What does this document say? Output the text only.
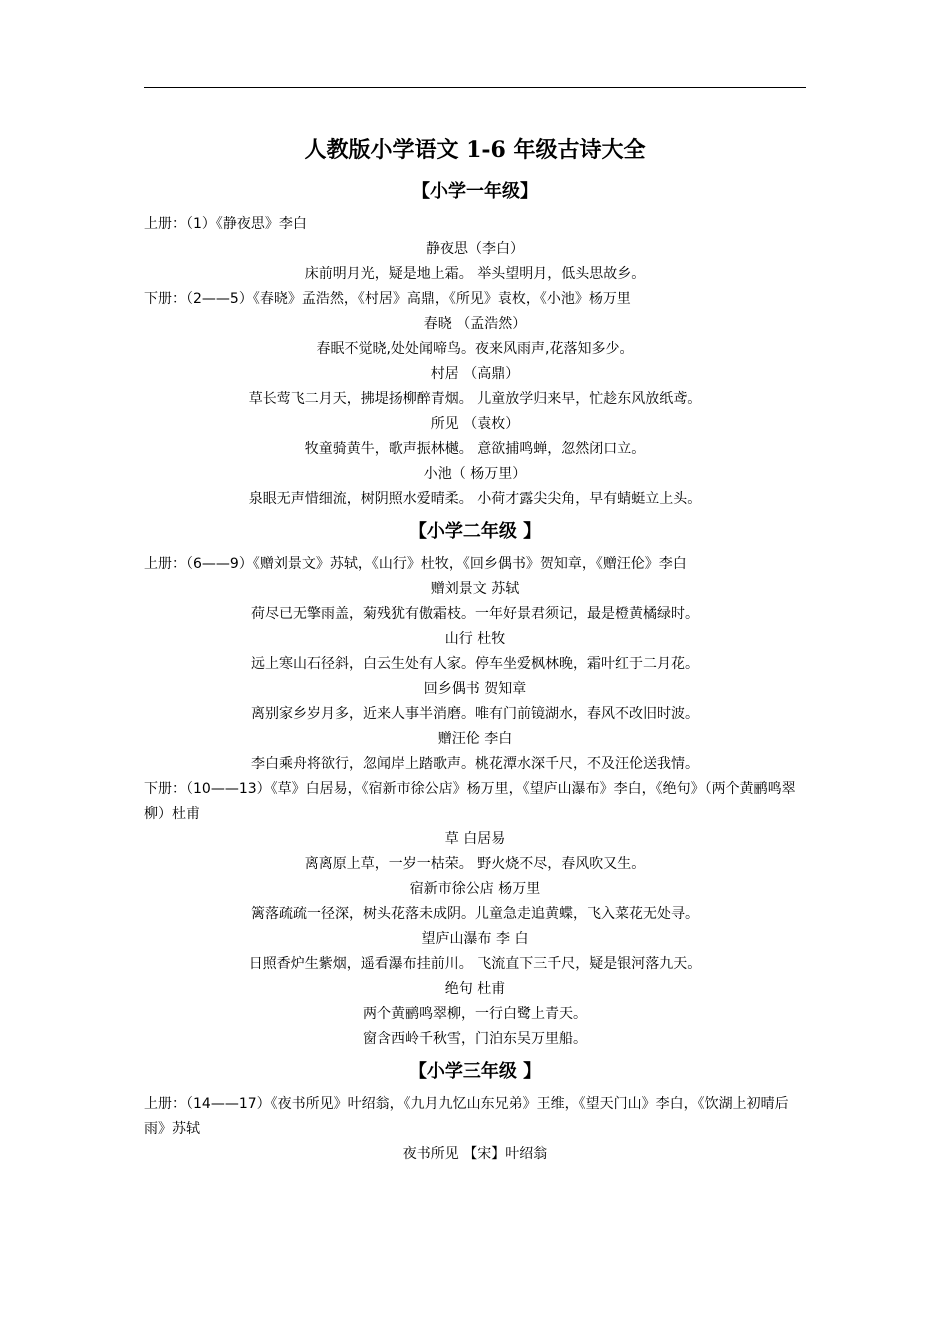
人教版小学语文 1-6 年级古诗大全
【小学一年级】
上册：（1）《静夜思》李白
静夜思（李白）
床前明月光，疑是地上霜。 举头望明月，低头思故乡。
下册：（2——5）《春晓》孟浩然，《村居》高鼎，《所见》袁枚，《小池》杨万里
春晓 （孟浩然）
春眠不觉晓,处处闻啼鸟。夜来风雨声,花落知多少。
村居 （高鼎）
草长莺飞二月天，拂堤扬柳醉青烟。 儿童放学归来早，忙趁东风放纸鸢。
所见 （袁枚）
牧童骑黄牛，歌声振林樾。 意欲捕鸣蝉，忽然闭口立。
小池（ 杨万里）
泉眼无声惜细流，树阴照水爱晴柔。 小荷才露尖尖角，早有蜻蜓立上头。
【小学二年级 】
上册：（6——9）《赠刘景文》苏轼，《山行》杜牧，《回乡偶书》贺知章，《赠汪伦》李白
赠刘景文 苏轼
荷尽已无擎雨盖，菊残犹有傲霜枝。一年好景君须记，最是橙黄橘绿时。
山行 杜牧
远上寒山石径斜，白云生处有人家。停车坐爱枫林晚，霜叶红于二月花。
回乡偶书 贺知章
离别家乡岁月多，近来人事半消磨。唯有门前镜湖水，春风不改旧时波。
赠汪伦 李白
李白乘舟将欲行，忽闻岸上踏歌声。桃花潭水深千尺，不及汪伦送我情。
下册：（10——13）《草》白居易，《宿新市徐公店》杨万里，《望庐山瀑布》李白，《绝句》（两个黄鹂鸣翠柳）杜甫
草 白居易
离离原上草，一岁一枯荣。 野火烧不尽，春风吹又生。
宿新市徐公店 杨万里
篱落疏疏一径深，树头花落未成阴。儿童急走追黄蝶，飞入菜花无处寻。
望庐山瀑布 李 白
日照香炉生紫烟，遥看瀑布挂前川。 飞流直下三千尺，疑是银河落九天。
绝句 杜甫
两个黄鹂鸣翠柳，一行白鹭上青天。
窗含西岭千秋雪，门泊东吴万里船。
【小学三年级 】
上册：（14——17）《夜书所见》叶绍翁，《九月九忆山东兄弟》王维，《望天门山》李白，《饮湖上初晴后雨》苏轼
夜书所见 【宋】叶绍翁
